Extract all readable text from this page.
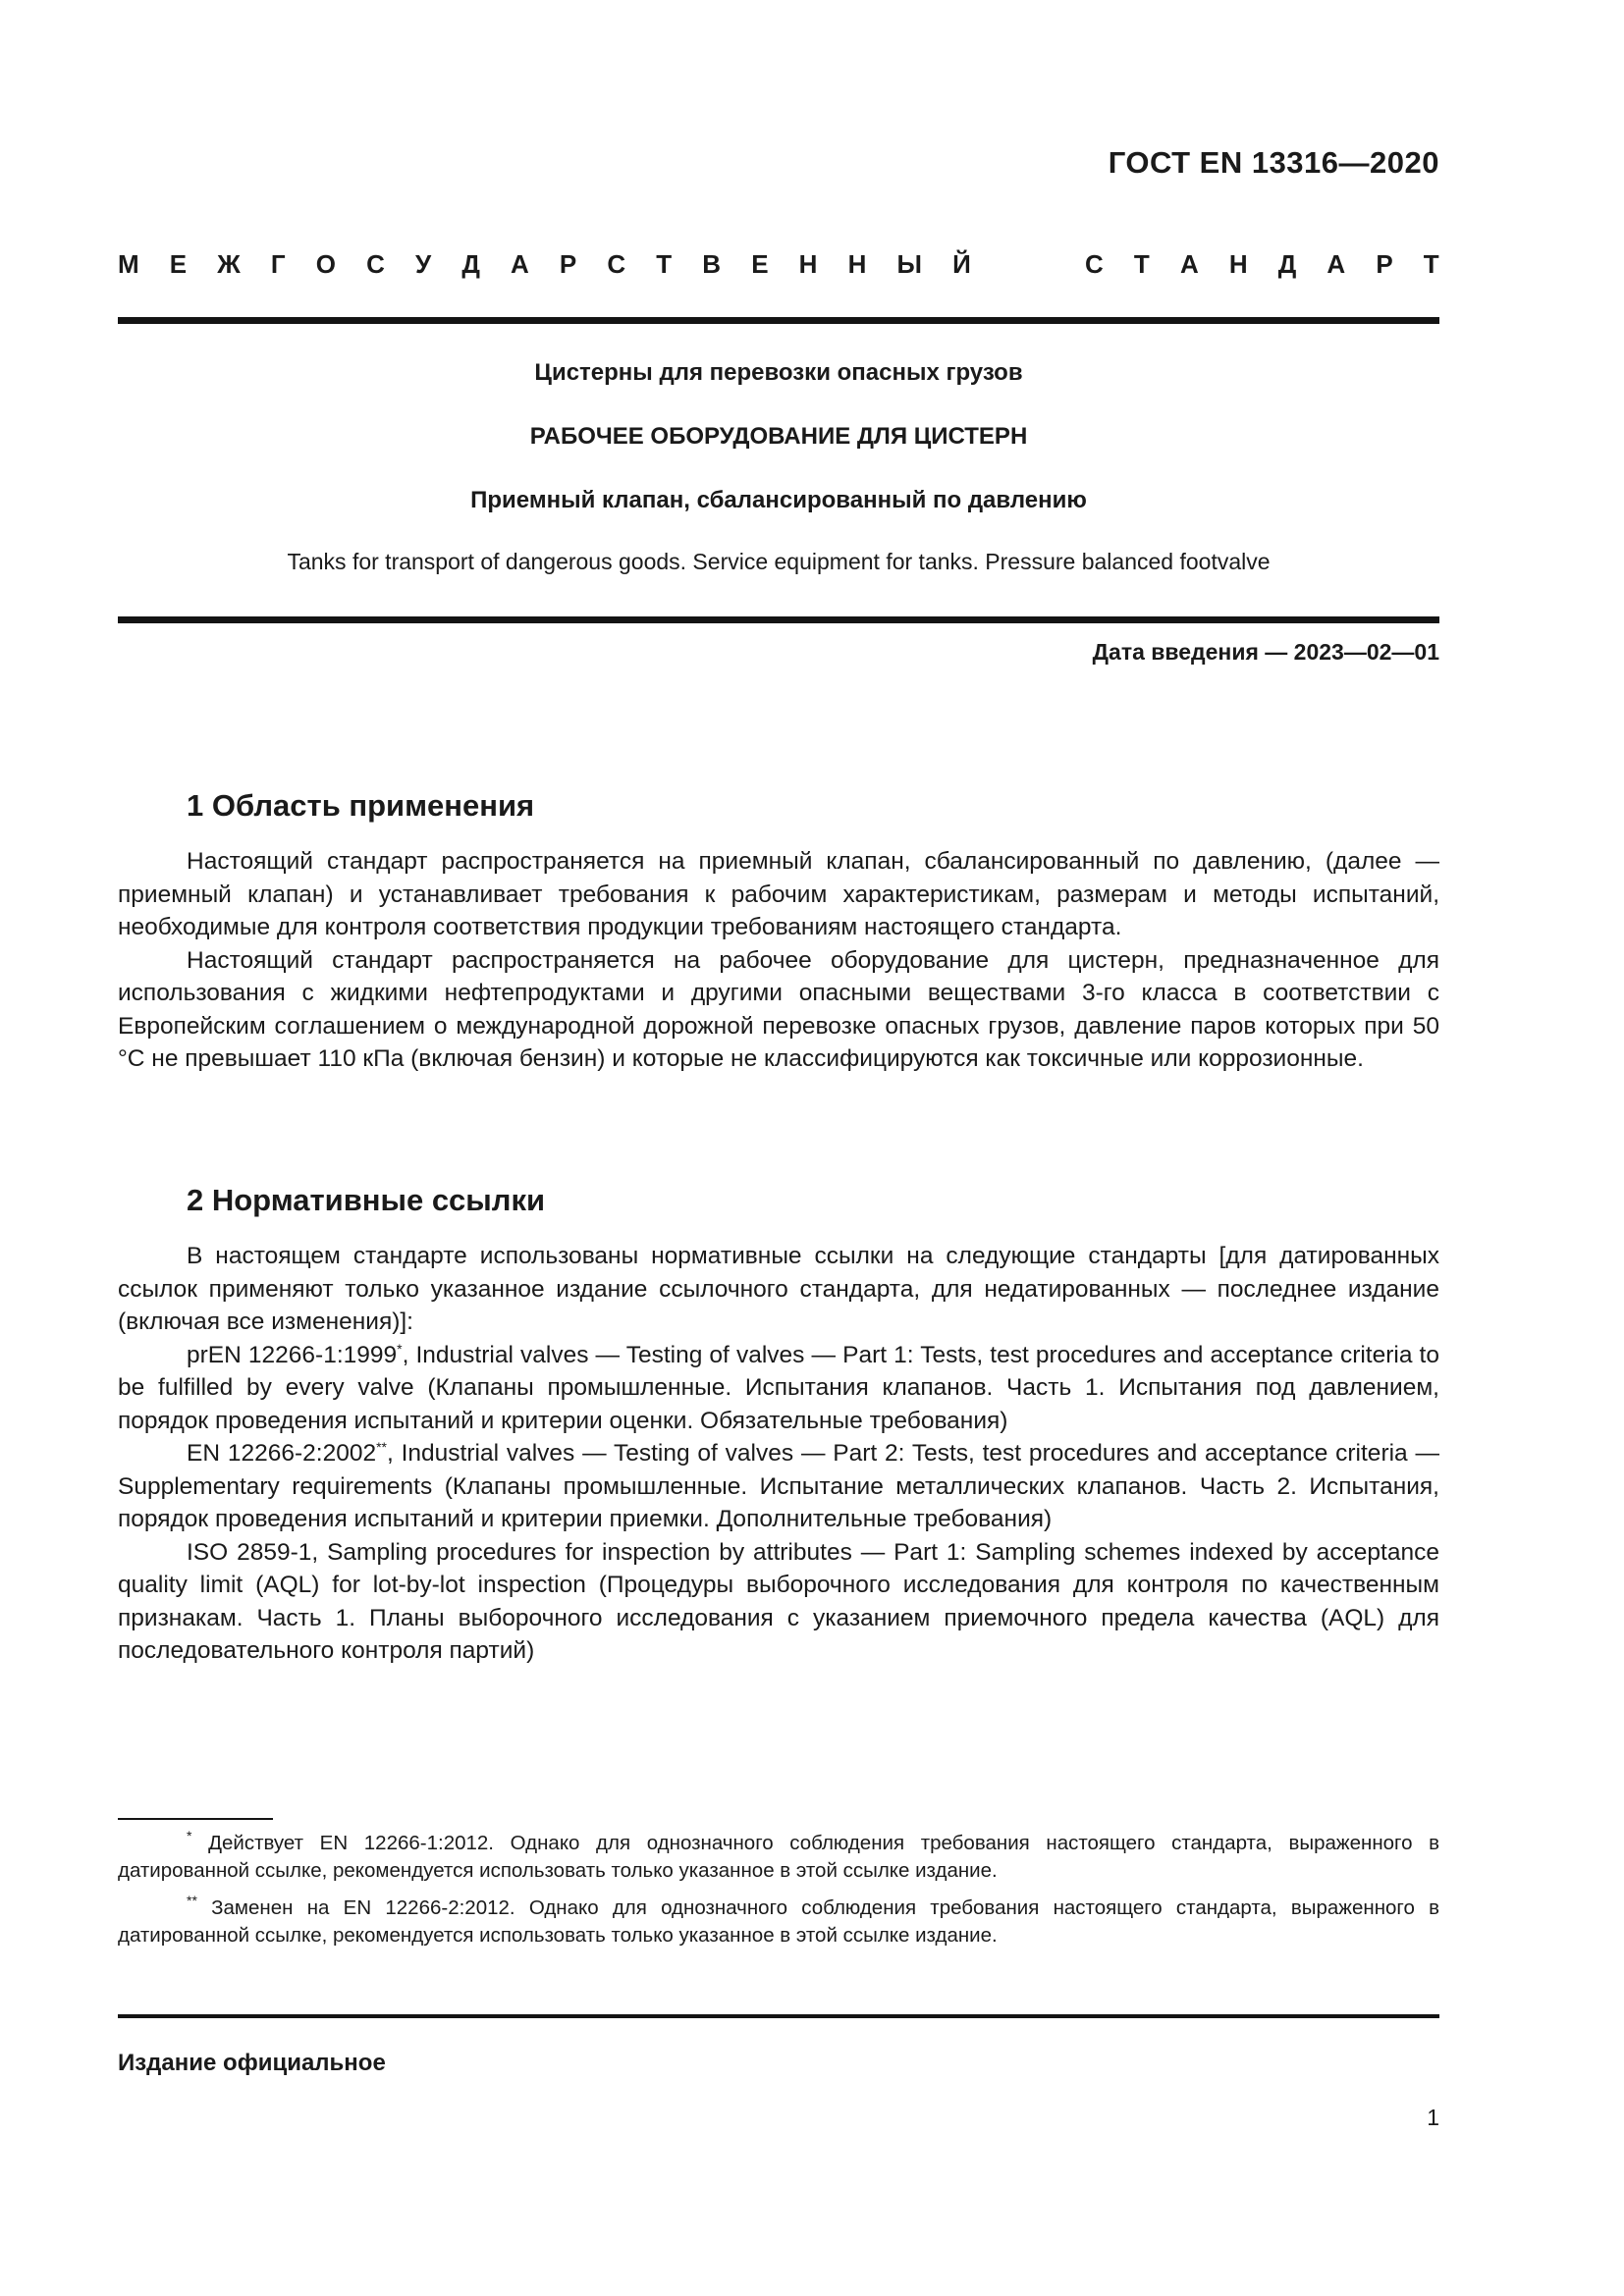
ГОСТ EN 13316—2020
М Е Ж Г О С У Д А Р С Т В Е Н Н Ы Й	С Т А Н Д А Р Т
Цистерны для перевозки опасных грузов
РАБОЧЕЕ ОБОРУДОВАНИЕ ДЛЯ ЦИСТЕРН
Приемный клапан, сбалансированный по давлению
Tanks for transport of dangerous goods. Service equipment for tanks. Pressure balanced footvalve
Дата введения — 2023—02—01
1 Область применения

Настоящий стандарт распространяется на приемный клапан, сбалансированный по давлению, (далее — приемный клапан) и устанавливает требования к рабочим характеристикам, размерам и методы испытаний, необходимые для контроля соответствия продукции требованиям настоящего стандарта.

Настоящий стандарт распространяется на рабочее оборудование для цистерн, предназначенное для использования с жидкими нефтепродуктами и другими опасными веществами 3-го класса в соответствии с Европейским соглашением о международной дорожной перевозке опасных грузов, давление паров которых при 50 °C не превышает 110 кПа (включая бензин) и которые не классифицируются как токсичные или коррозионные.

2 Нормативные ссылки

В настоящем стандарте использованы нормативные ссылки на следующие стандарты [для датированных ссылок применяют только указанное издание ссылочного стандарта, для недатированных — последнее издание (включая все изменения)]:

prEN 12266-1:1999*, Industrial valves — Testing of valves — Part 1: Tests, test procedures and acceptance criteria to be fulfilled by every valve (Клапаны промышленные. Испытания клапанов. Часть 1. Испытания под давлением, порядок проведения испытаний и критерии оценки. Обязательные требования)

EN 12266-2:2002**, Industrial valves — Testing of valves — Part 2: Tests, test procedures and acceptance criteria — Supplementary requirements (Клапаны промышленные. Испытание металлических клапанов. Часть 2. Испытания, порядок проведения испытаний и критерии приемки. Дополнительные требования)

ISO 2859-1, Sampling procedures for inspection by attributes — Part 1: Sampling schemes indexed by acceptance quality limit (AQL) for lot-by-lot inspection (Процедуры выборочного исследования для контроля по качественным признакам. Часть 1. Планы выборочного исследования с указанием приемочного предела качества (AQL) для последовательного контроля партий)

* Действует EN 12266-1:2012. Однако для однозначного соблюдения требования настоящего стандарта, выраженного в датированной ссылке, рекомендуется использовать только указанное в этой ссылке издание.

** Заменен на EN 12266-2:2012. Однако для однозначного соблюдения требования настоящего стандарта, выраженного в датированной ссылке, рекомендуется использовать только указанное в этой ссылке издание.

Издание официальное
1
